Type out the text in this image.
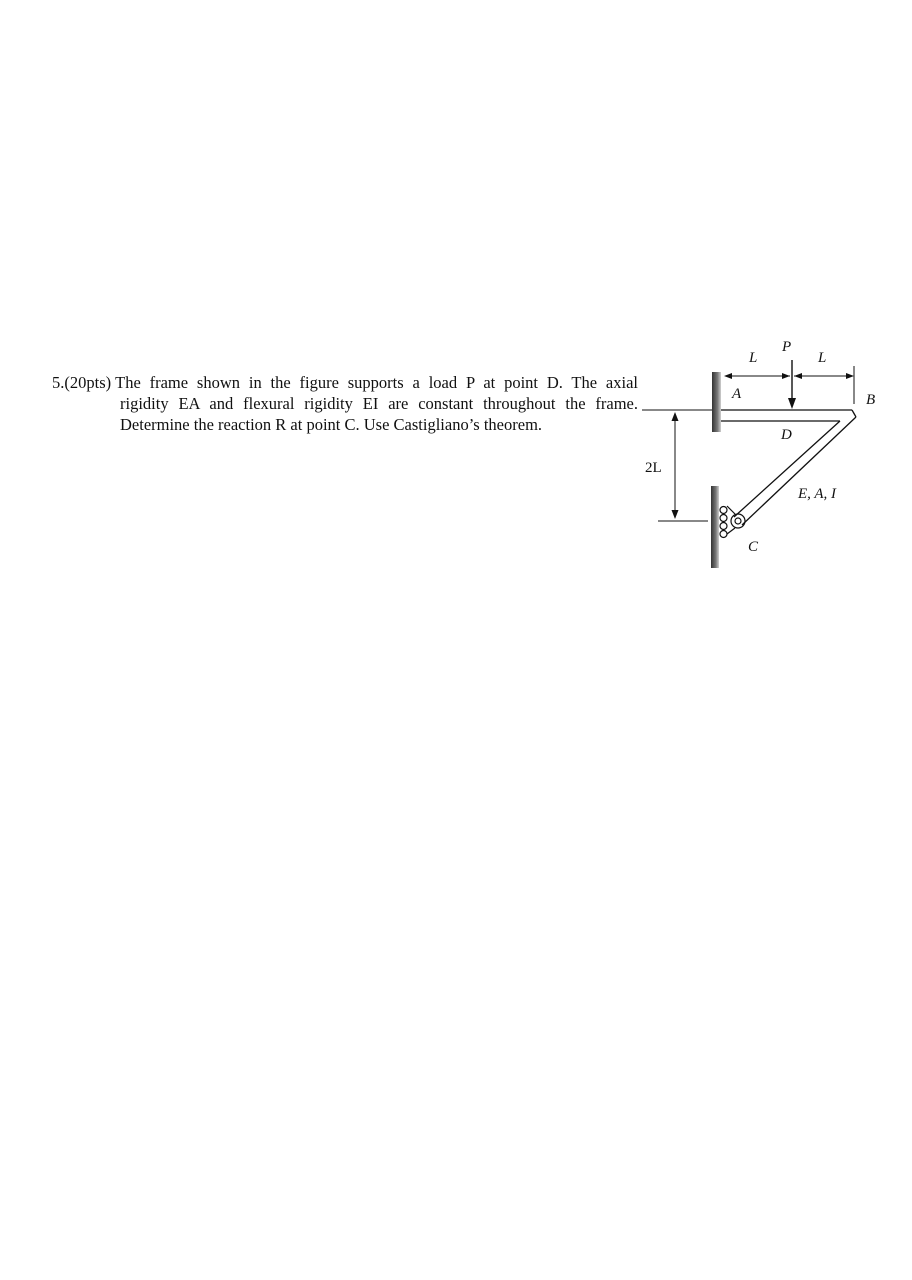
5.(20pts) The frame shown in the figure supports a load P at point D. The axial
rigidity EA and flexural rigidity EI are constant throughout the frame.
Determine the reaction R at point C. Use Castigliano’s theorem.
L
P
L
A	B
D
2L
E, A, I
C
